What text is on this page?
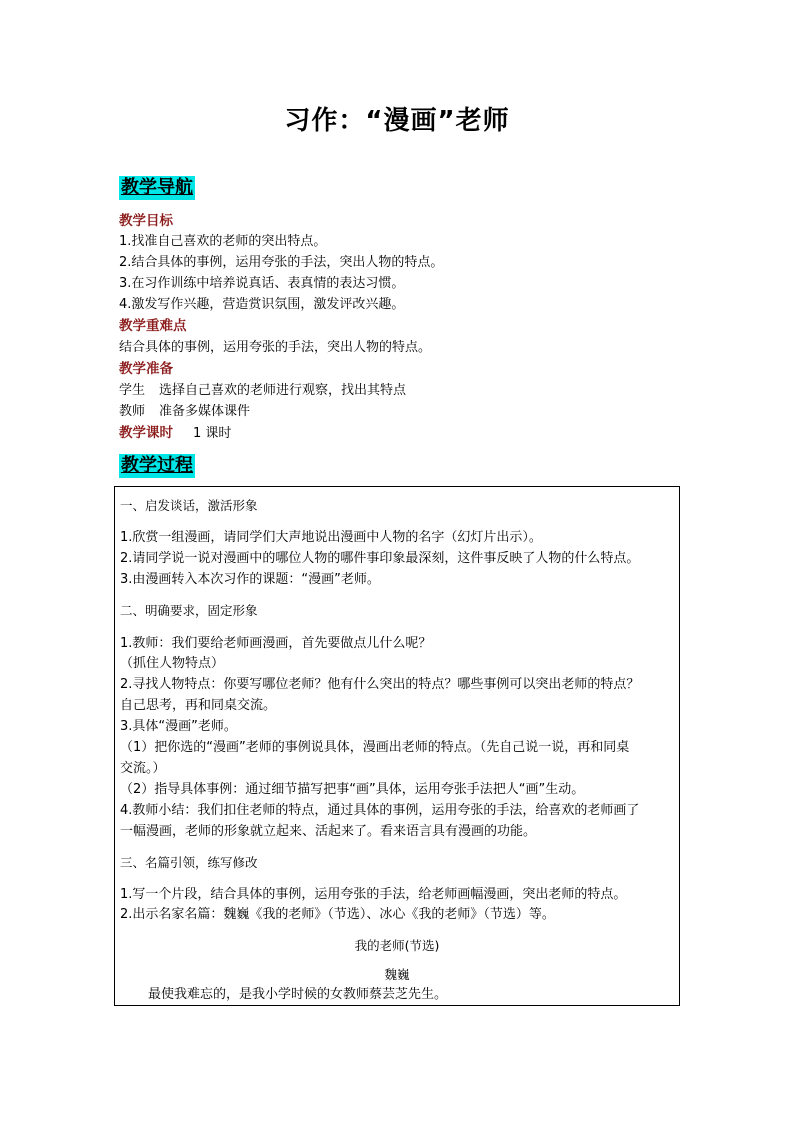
习作：“漫画”老师
教学导航
教学目标
1.找准自己喜欢的老师的突出特点。
2.结合具体的事例，运用夸张的手法，突出人物的特点。
3.在习作训练中培养说真话、表真情的表达习惯。
4.激发写作兴趣，营造赏识氛围，激发评改兴趣。
教学重难点
结合具体的事例，运用夸张的手法，突出人物的特点。
教学准备
学生 选择自己喜欢的老师进行观察，找出其特点
教师 准备多媒体课件
教学课时 1 课时
教学过程
一、启发谈话，激活形象
1.欣赏一组漫画，请同学们大声地说出漫画中人物的名字（幻灯片出示）。
2.请同学说一说对漫画中的哪位人物的哪件事印象最深刻，这件事反映了人物的什么特点。
3.由漫画转入本次习作的课题：“漫画”老师。
二、明确要求，固定形象
1.教师：我们要给老师画漫画，首先要做点儿什么呢？
（抓住人物特点）
2.寻找人物特点：你要写哪位老师？他有什么突出的特点？哪些事例可以突出老师的特点？
自己思考，再和同桌交流。
3.具体“漫画”老师。
（1）把你选的“漫画”老师的事例说具体，漫画出老师的特点。（先自己说一说，再和同桌
交流。）
（2）指导具体事例：通过细节描写把事“画”具体，运用夸张手法把人“画”生动。
4.教师小结：我们扣住老师的特点，通过具体的事例，运用夸张的手法，给喜欢的老师画了
一幅漫画，老师的形象就立起来、活起来了。看来语言具有漫画的功能。
三、名篇引领，练写修改
1.写一个片段，结合具体的事例，运用夸张的手法，给老师画幅漫画，突出老师的特点。
2.出示名家名篇：魏巍《我的老师》（节选）、冰心《我的老师》（节选）等。
我的老师(节选)
魏巍
最使我难忘的，是我小学时候的女教师蔡芸芝先生。
